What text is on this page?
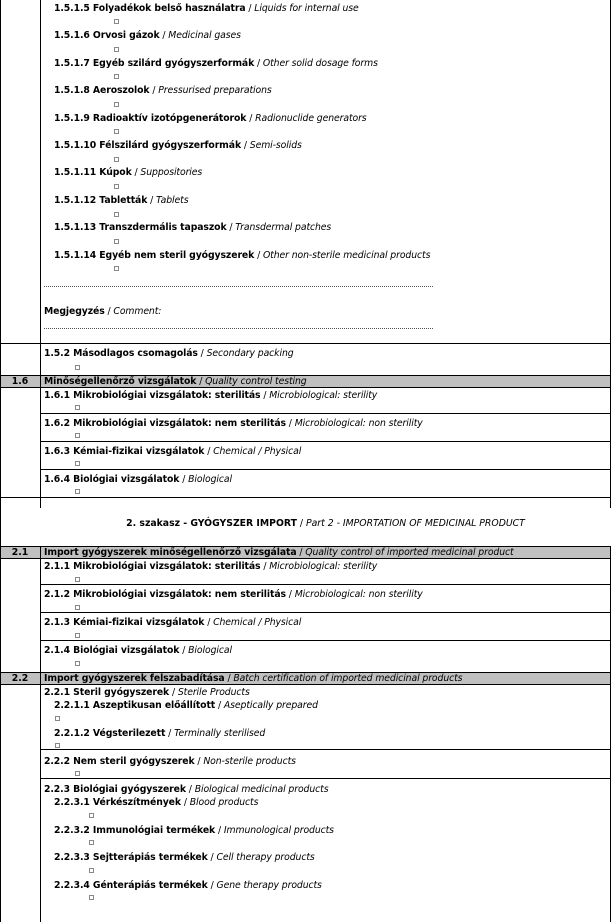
1.5.1.5 Folyadékok belső használatra / Liquids for internal use
1.5.1.6 Orvosi gázok / Medicinal gases
1.5.1.7 Egyéb szilárd gyógyszerformák / Other solid dosage forms
1.5.1.8 Aeroszolok / Pressurised preparations
1.5.1.9 Radioaktív izotópgenerátorok / Radionuclide generators
1.5.1.10 Félszilárd gyógyszerformák / Semi-solids
1.5.1.11 Kúpok / Suppositories
1.5.1.12 Tabletták / Tablets
1.5.1.13 Transzdermális tapaszok / Transdermal patches
1.5.1.14 Egyéb nem steril gyógyszerek / Other non-sterile medicinal products
Megjegyzés / Comment:
1.5.2 Másodlagos csomagolás / Secondary packing
1.6	Minőségellenőrző vizsgálatok / Quality control testing
1.6.1 Mikrobiológiai vizsgálatok: sterilitás / Microbiological: sterility
1.6.2 Mikrobiológiai vizsgálatok: nem sterilitás / Microbiological: non sterility
1.6.3 Kémiai-fizikai vizsgálatok / Chemical / Physical
1.6.4 Biológiai vizsgálatok / Biological
2. szakasz - GYÓGYSZER IMPORT / Part 2 - IMPORTATION OF MEDICINAL PRODUCT
2.1	Import gyógyszerek minőségellenőrző vizsgálata / Quality control of imported medicinal product
2.1.1 Mikrobiológiai vizsgálatok: sterilitás / Microbiological: sterility
2.1.2 Mikrobiológiai vizsgálatok: nem sterilitás / Microbiological: non sterility
2.1.3 Kémiai-fizikai vizsgálatok / Chemical / Physical
2.1.4 Biológiai vizsgálatok / Biological
2.2	Import gyógyszerek felszabadítása / Batch certification of imported medicinal products
2.2.1 Steril gyógyszerek / Sterile Products
2.2.1.1 Aszeptikusan előállított / Aseptically prepared
2.2.1.2 Végsterilezett / Terminally sterilised
2.2.2 Nem steril gyógyszerek / Non-sterile products
2.2.3 Biológiai gyógyszerek / Biological medicinal products
2.2.3.1 Vérkészítmények / Blood products
2.2.3.2 Immunológiai termékek / Immunological products
2.2.3.3 Sejtterápiás termékek / Cell therapy products
2.2.3.4 Génterápiás termékek / Gene therapy products
